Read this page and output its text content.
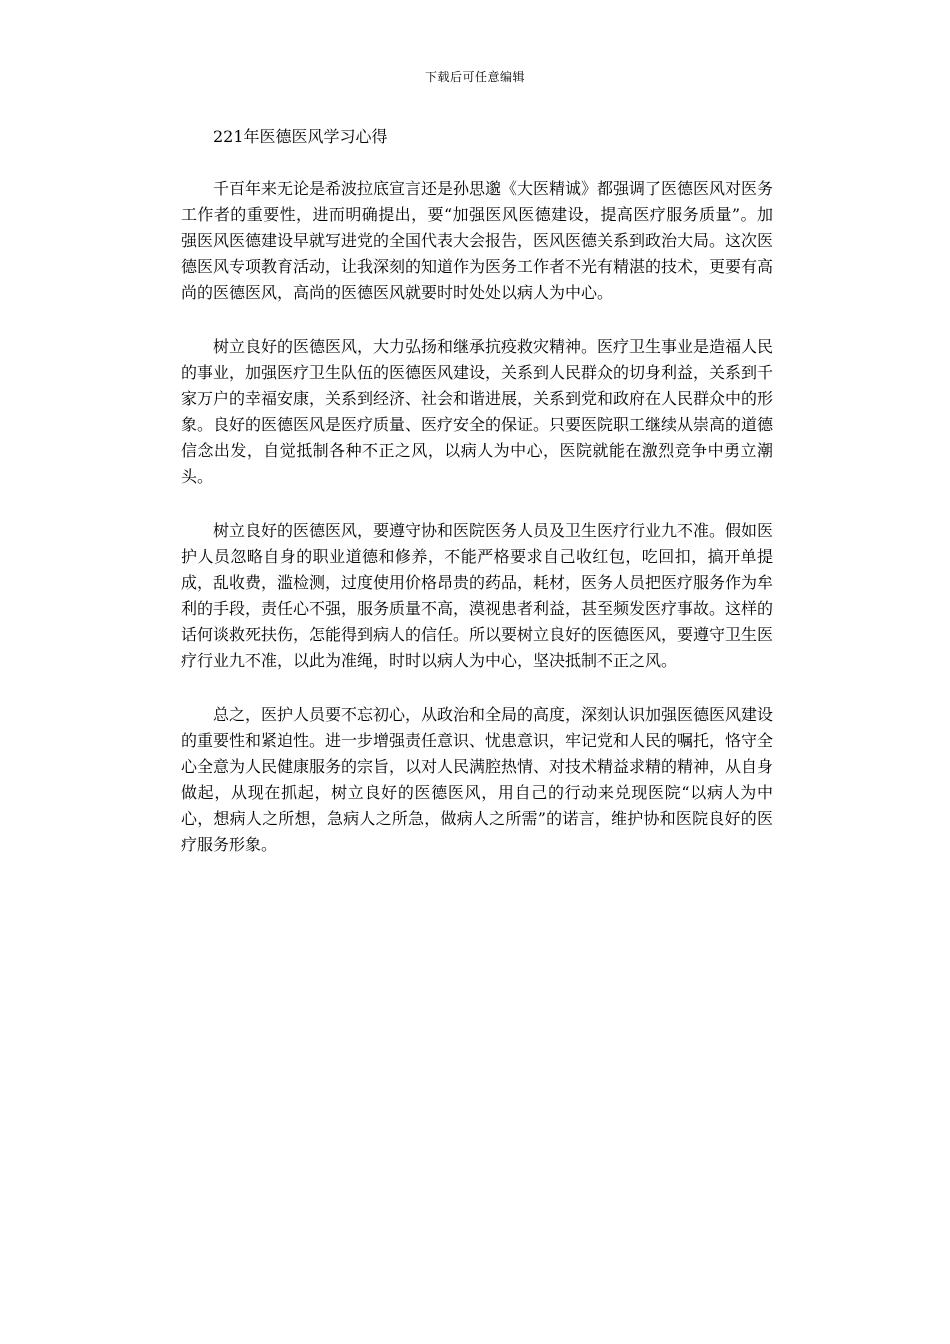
下载后可任意编辑
221年医德医风学习心得

千百年来无论是希波拉底宣言还是孙思邈《大医精诚》都强调了医德医风对医务工作者的重要性，进而明确提出，要“加强医风医德建设，提高医疗服务质量”。加强医风医德建设早就写进党的全国代表大会报告，医风医德关系到政治大局。这次医德医风专项教育活动，让我深刻的知道作为医务工作者不光有精湛的技术，更要有高尚的医德医风，高尚的医德医风就要时时处处以病人为中心。

树立良好的医德医风，大力弘扬和继承抗疫救灾精神。医疗卫生事业是造福人民的事业，加强医疗卫生队伍的医德医风建设，关系到人民群众的切身利益，关系到千家万户的幸福安康，关系到经济、社会和谐进展，关系到党和政府在人民群众中的形象。良好的医德医风是医疗质量、医疗安全的保证。只要医院职工继续从崇高的道德信念出发，自觉抵制各种不正之风，以病人为中心，医院就能在激烈竞争中勇立潮头。

树立良好的医德医风，要遵守协和医院医务人员及卫生医疗行业九不准。假如医护人员忽略自身的职业道德和修养，不能严格要求自己收红包，吃回扣，搞开单提成，乱收费，滥检测，过度使用价格昂贵的药品，耗材，医务人员把医疗服务作为牟利的手段，责任心不强，服务质量不高，漠视患者利益，甚至频发医疗事故。这样的话何谈救死扶伤，怎能得到病人的信任。所以要树立良好的医德医风，要遵守卫生医疗行业九不准，以此为准绳，时时以病人为中心，坚决抵制不正之风。

总之，医护人员要不忘初心，从政治和全局的高度，深刻认识加强医德医风建设的重要性和紧迫性。进一步增强责任意识、忧患意识，牢记党和人民的嘱托，恪守全心全意为人民健康服务的宗旨，以对人民满腔热情、对技术精益求精的精神，从自身做起，从现在抓起，树立良好的医德医风，用自己的行动来兑现医院“以病人为中心，想病人之所想，急病人之所急，做病人之所需”的诺言，维护协和医院良好的医疗服务形象。
